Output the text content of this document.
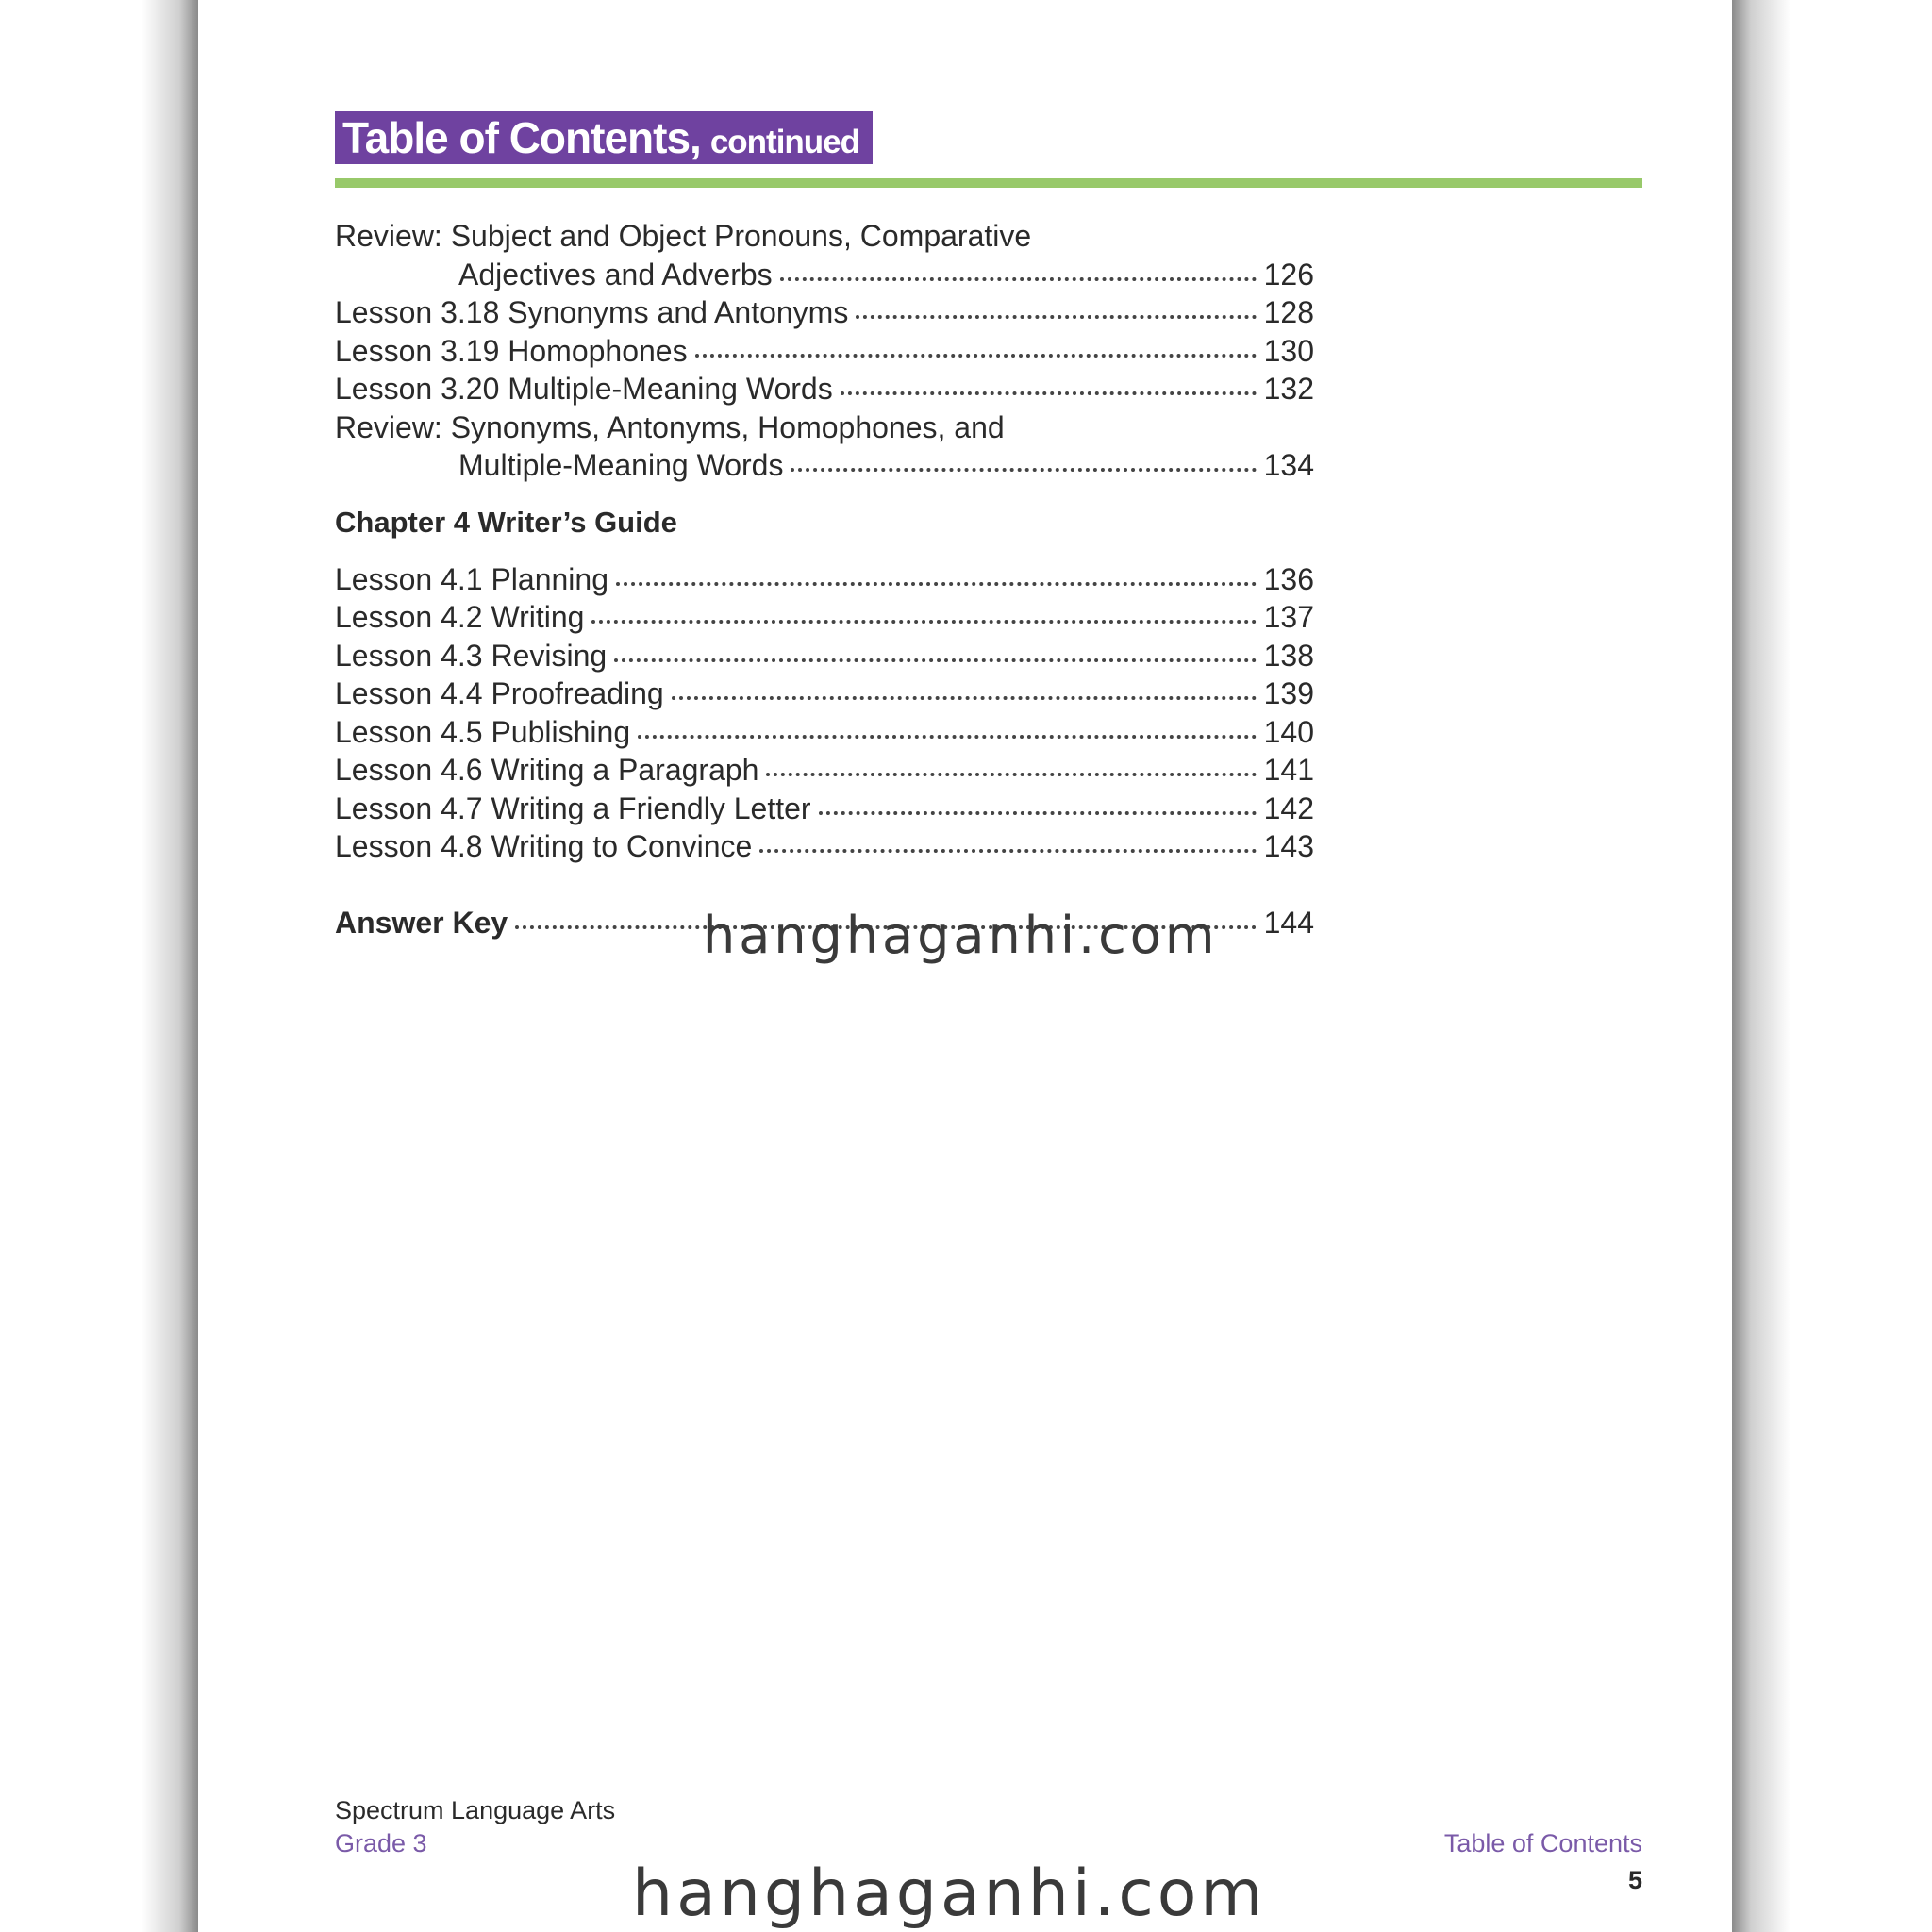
Table of Contents, continued
Review: Subject and Object Pronouns, Comparative
Adjectives and Adverbs	126
Lesson 3.18 Synonyms and Antonyms	128
Lesson 3.19 Homophones	130
Lesson 3.20 Multiple-Meaning Words	132
Review: Synonyms, Antonyms, Homophones, and
Multiple-Meaning Words	134
Chapter 4 Writer’s Guide
Lesson 4.1 Planning	136
Lesson 4.2 Writing	137
Lesson 4.3 Revising	138
Lesson 4.4 Proofreading	139
Lesson 4.5 Publishing	140
Lesson 4.6 Writing a Paragraph	141
Lesson 4.7 Writing a Friendly Letter	142
Lesson 4.8 Writing to Convince	143
Answer Key	144
hanghaganhi.com
Spectrum Language Arts
Grade 3	Table of Contents
5
hanghaganhi.com
